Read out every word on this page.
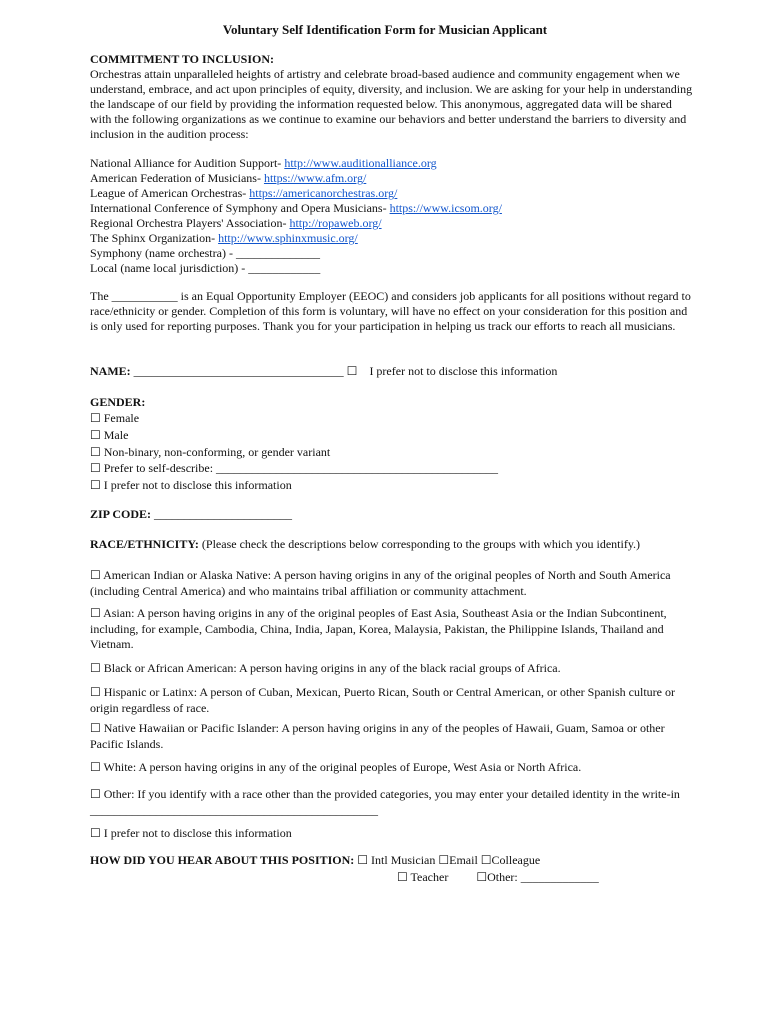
Voluntary Self Identification Form for Musician Applicant
COMMITMENT TO INCLUSION:

Orchestras attain unparalleled heights of artistry and celebrate broad-based audience and community engagement when we understand, embrace, and act upon principles of equity, diversity, and inclusion. We are asking for your help in understanding the landscape of our field by providing the information requested below. This anonymous, aggregated data will be shared with the following organizations as we continue to examine our behaviors and better understand the barriers to diversity and inclusion in the audition process:

National Alliance for Audition Support- http://www.auditionalliance.org
American Federation of Musicians- https://www.afm.org/
League of American Orchestras- https://americanorchestras.org/
International Conference of Symphony and Opera Musicians- https://www.icsom.org/
Regional Orchestra Players' Association- http://ropaweb.org/
The Sphinx Organization- http://www.sphinxmusic.org/
Symphony (name orchestra) - ______________
Local (name local jurisdiction) - ____________

The ___________ is an Equal Opportunity Employer (EEOC) and considers job applicants for all positions without regard to race/ethnicity or gender. Completion of this form is voluntary, will have no effect on your consideration for this position and is only used for reporting purposes. Thank you for your participation in helping us track our efforts to reach all musicians.

NAME: ___________________________________ ☐ I prefer not to disclose this information
GENDER:
☐ Female
☐ Male
☐ Non-binary, non-conforming, or gender variant
☐ Prefer to self-describe: _______________________________________________
☐ I prefer not to disclose this information
ZIP CODE: _______________________
RACE/ETHNICITY: (Please check the descriptions below corresponding to the groups with which you identify.)
☐ American Indian or Alaska Native: A person having origins in any of the original peoples of North and South America (including Central America) and who maintains tribal affiliation or community attachment.
☐ Asian: A person having origins in any of the original peoples of East Asia, Southeast Asia or the Indian Subcontinent, including, for example, Cambodia, China, India, Japan, Korea, Malaysia, Pakistan, the Philippine Islands, Thailand and Vietnam.
☐ Black or African American: A person having origins in any of the black racial groups of Africa.
☐ Hispanic or Latinx: A person of Cuban, Mexican, Puerto Rican, South or Central American, or other Spanish culture or origin regardless of race.
☐ Native Hawaiian or Pacific Islander: A person having origins in any of the peoples of Hawaii, Guam, Samoa or other Pacific Islands.
☐ White: A person having origins in any of the original peoples of Europe, West Asia or North Africa.
☐ Other: If you identify with a race other than the provided categories, you may enter your detailed identity in the write-in ________________________________________________
☐ I prefer not to disclose this information
HOW DID YOU HEAR ABOUT THIS POSITION: ☐ Intl Musician ☐Email ☐Colleague
☐ Teacher ☐Other: _____________
